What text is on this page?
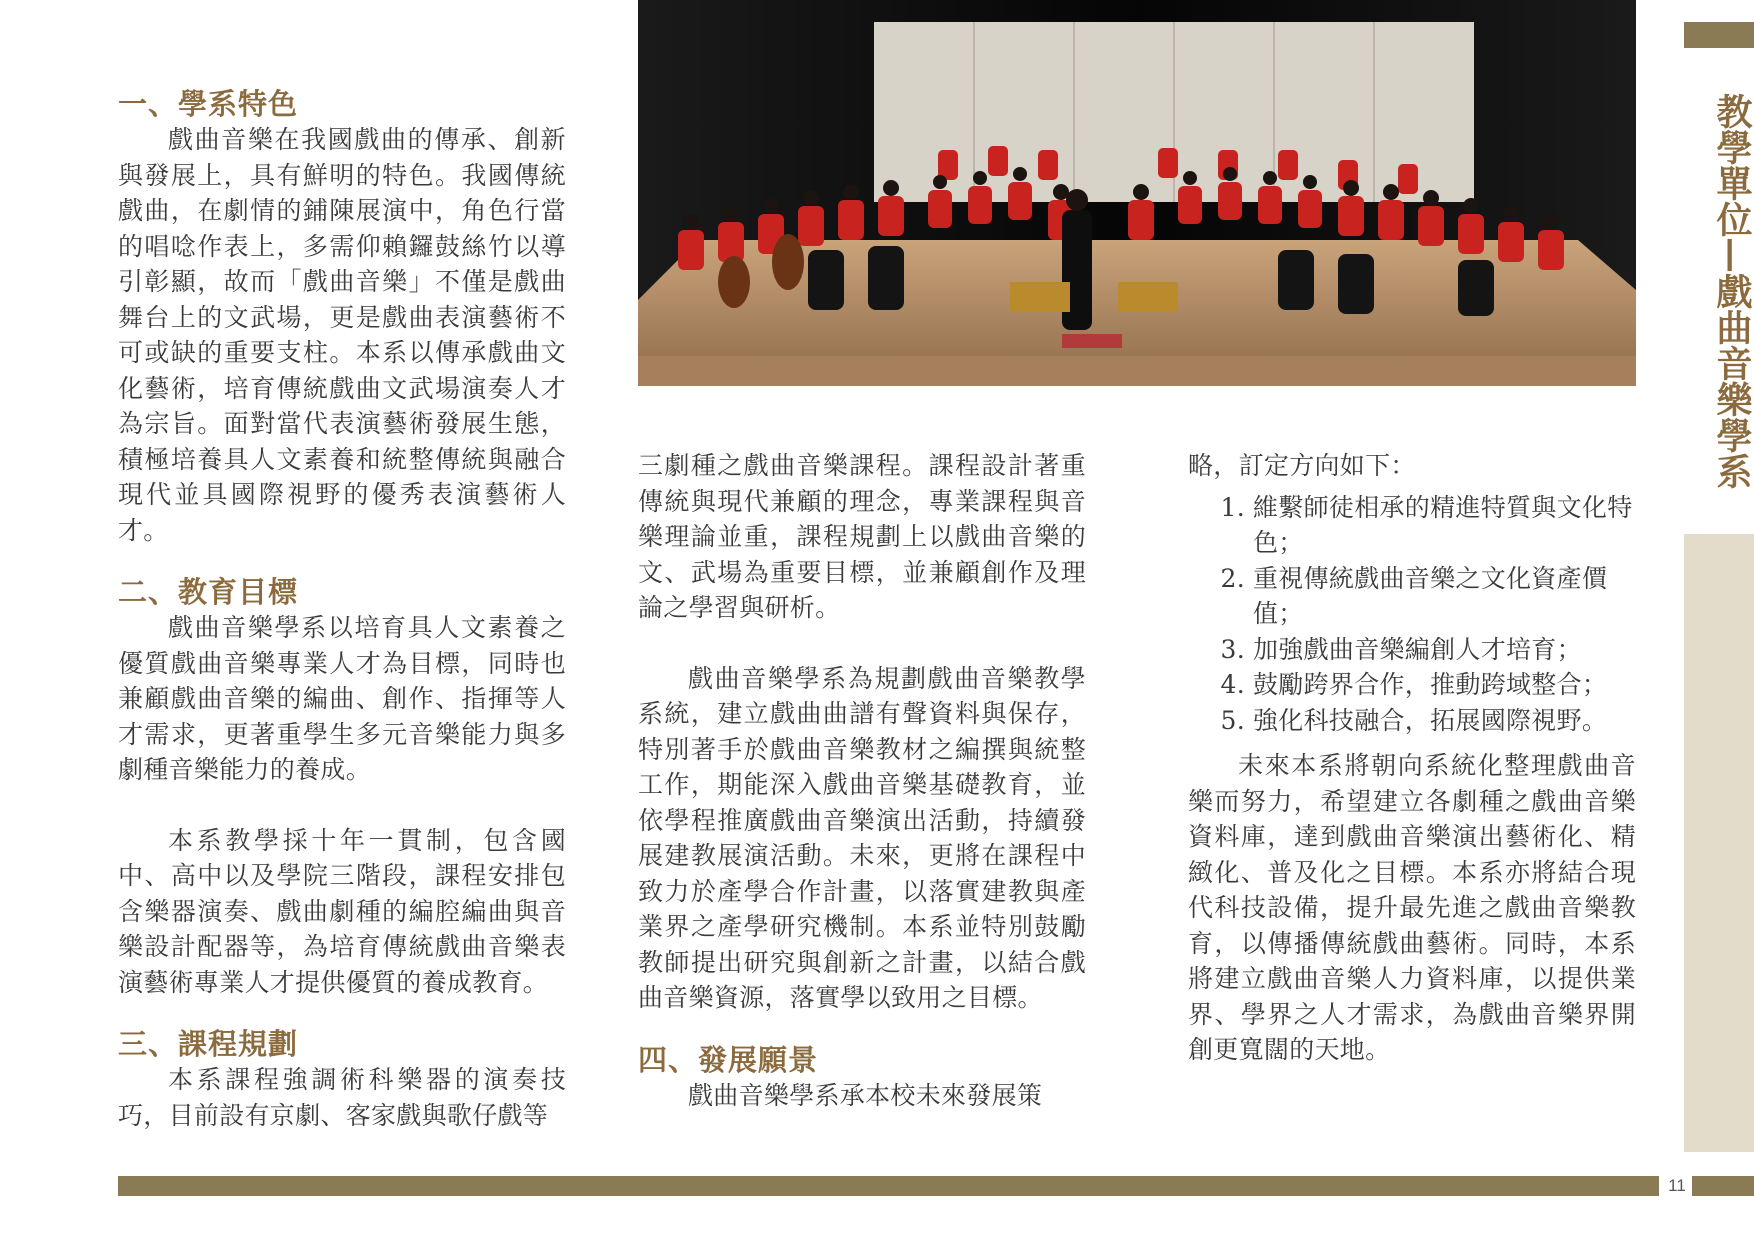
一、學系特色

戲曲音樂在我國戲曲的傳承、創新與發展上，具有鮮明的特色。我國傳統戲曲，在劇情的鋪陳展演中，角色行當的唱唸作表上，多需仰賴鑼鼓絲竹以導引彰顯，故而「戲曲音樂」不僅是戲曲舞台上的文武場，更是戲曲表演藝術不可或缺的重要支柱。本系以傳承戲曲文化藝術，培育傳統戲曲文武場演奏人才為宗旨。面對當代表演藝術發展生態，積極培養具人文素養和統整傳統與融合現代並具國際視野的優秀表演藝術人才。

二、教育目標

戲曲音樂學系以培育具人文素養之優質戲曲音樂專業人才為目標，同時也兼顧戲曲音樂的編曲、創作、指揮等人才需求，更著重學生多元音樂能力與多劇種音樂能力的養成。

本系教學採十年一貫制，包含國中、高中以及學院三階段，課程安排包含樂器演奏、戲曲劇種的編腔編曲與音樂設計配器等，為培育傳統戲曲音樂表演藝術專業人才提供優質的養成教育。

三、課程規劃

本系課程強調術科樂器的演奏技巧，目前設有京劇、客家戲與歌仔戲等

三劇種之戲曲音樂課程。課程設計著重傳統與現代兼顧的理念，專業課程與音樂理論並重，課程規劃上以戲曲音樂的文、武場為重要目標，並兼顧創作及理論之學習與研析。

戲曲音樂學系為規劃戲曲音樂教學系統，建立戲曲曲譜有聲資料與保存，特別著手於戲曲音樂教材之編撰與統整工作，期能深入戲曲音樂基礎教育，並依學程推廣戲曲音樂演出活動，持續發展建教展演活動。未來，更將在課程中致力於產學合作計畫，以落實建教與產業界之產學研究機制。本系並特別鼓勵教師提出研究與創新之計畫，以結合戲曲音樂資源，落實學以致用之目標。

四、發展願景

戲曲音樂學系承本校未來發展策

略，訂定方向如下：

1. 維繫師徒相承的精進特質與文化特色；
2. 重視傳統戲曲音樂之文化資產價值；
3. 加強戲曲音樂編創人才培育；
4. 鼓勵跨界合作，推動跨域整合；
5. 強化科技融合，拓展國際視野。

未來本系將朝向系統化整理戲曲音樂而努力，希望建立各劇種之戲曲音樂資料庫，達到戲曲音樂演出藝術化、精緻化、普及化之目標。本系亦將結合現代科技設備，提升最先進之戲曲音樂教育，以傳播傳統戲曲藝術。同時，本系將建立戲曲音樂人力資料庫，以提供業界、學界之人才需求，為戲曲音樂界開創更寬闊的天地。

教學單位—戲曲音樂學系
11
